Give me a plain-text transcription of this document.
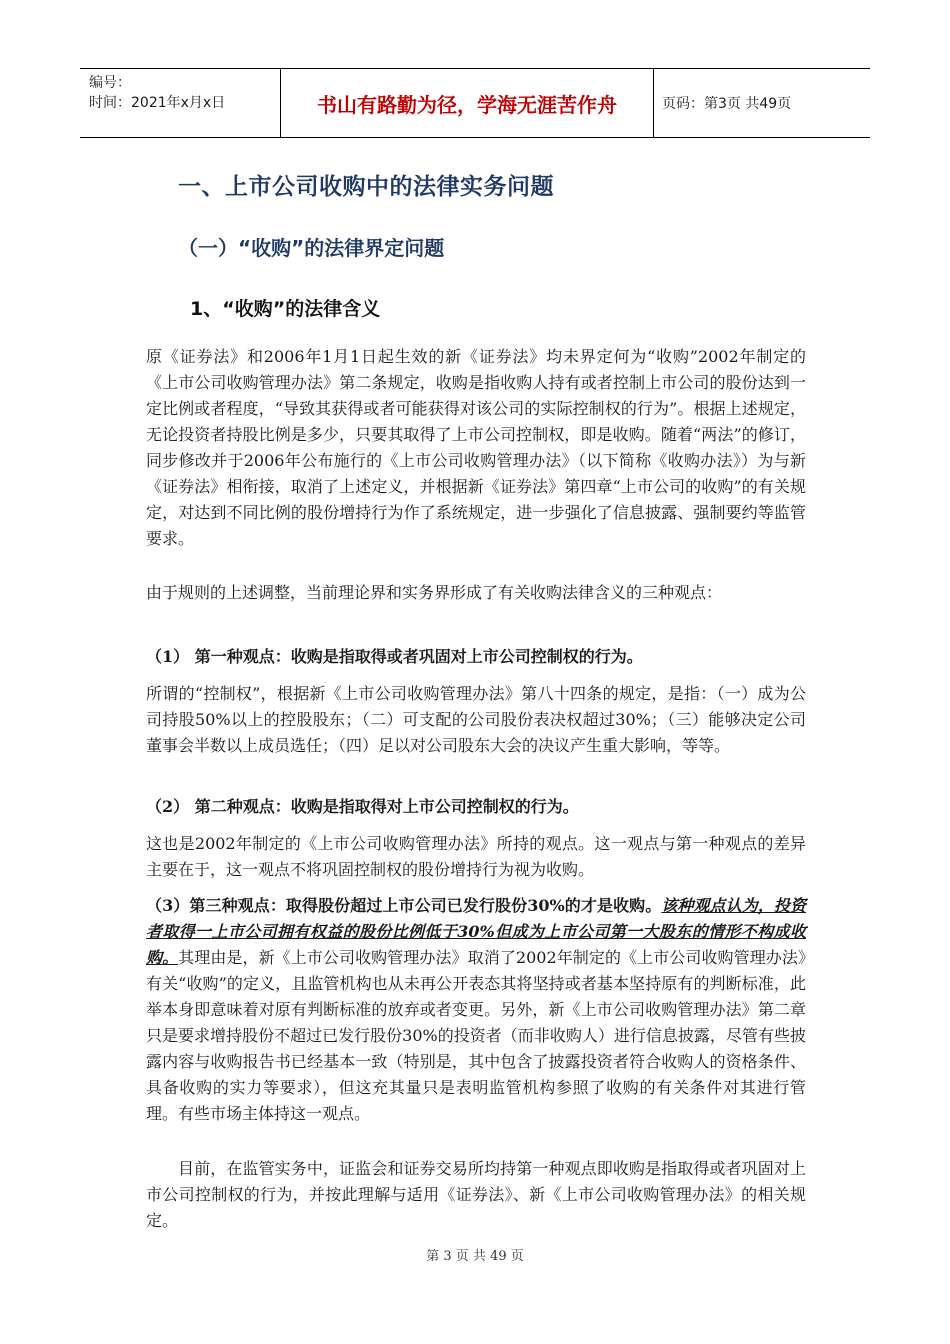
编号：
时间：2021年x月x日	书山有路勤为径，学海无涯苦作舟	页码：第3页 共49页
一、上市公司收购中的法律实务问题
（一）“收购”的法律界定问题
1、“收购”的法律含义

原《证券法》和2006年1月1日起生效的新《证券法》均未界定何为“收购”2002年制定的《上市公司收购管理办法》第二条规定，收购是指收购人持有或者控制上市公司的股份达到一定比例或者程度，“导致其获得或者可能获得对该公司的实际控制权的行为”。根据上述规定，无论投资者持股比例是多少，只要其取得了上市公司控制权，即是收购。随着“两法”的修订，同步修改并于2006年公布施行的《上市公司收购管理办法》（以下简称《收购办法》）为与新《证券法》相衔接，取消了上述定义，并根据新《证券法》第四章“上市公司的收购”的有关规定，对达到不同比例的股份增持行为作了系统规定，进一步强化了信息披露、强制要约等监管要求。

由于规则的上述调整，当前理论界和实务界形成了有关收购法律含义的三种观点：

（1） 第一种观点：收购是指取得或者巩固对上市公司控制权的行为。

所谓的“控制权”，根据新《上市公司收购管理办法》第八十四条的规定，是指：（一）成为公司持股50%以上的控股股东；（二）可支配的公司股份表决权超过30%；（三）能够决定公司董事会半数以上成员选任；（四）足以对公司股东大会的决议产生重大影响，等等。

（2） 第二种观点：收购是指取得对上市公司控制权的行为。

这也是2002年制定的《上市公司收购管理办法》所持的观点。这一观点与第一种观点的差异主要在于，这一观点不将巩固控制权的股份增持行为视为收购。

（3）第三种观点：取得股份超过上市公司已发行股份30%的才是收购。该种观点认为，投资者取得一上市公司拥有权益的股份比例低于30%但成为上市公司第一大股东的情形不构成收购。其理由是，新《上市公司收购管理办法》取消了2002年制定的《上市公司收购管理办法》有关“收购”的定义，且监管机构也从未再公开表态其将坚持或者基本坚持原有的判断标准，此举本身即意味着对原有判断标准的放弃或者变更。另外，新《上市公司收购管理办法》第二章只是要求增持股份不超过已发行股份30%的投资者（而非收购人）进行信息披露，尽管有些披露内容与收购报告书已经基本一致（特别是，其中包含了披露投资者符合收购人的资格条件、具备收购的实力等要求），但这充其量只是表明监管机构参照了收购的有关条件对其进行管理。有些市场主体持这一观点。

目前，在监管实务中，证监会和证券交易所均持第一种观点即收购是指取得或者巩固对上市公司控制权的行为，并按此理解与适用《证券法》、新《上市公司收购管理办法》的相关规定。

第 3 页 共 49 页
